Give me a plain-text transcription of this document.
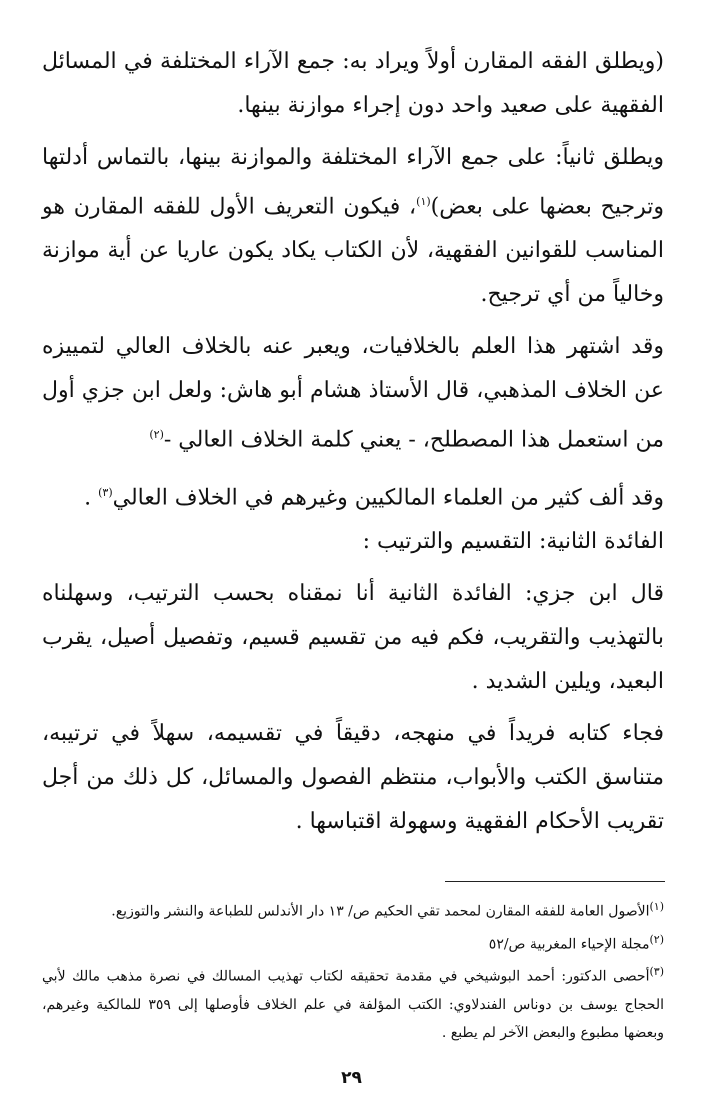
(ويطلق الفقه المقارن أولاً ويراد به: جمع الآراء المختلفة في المسائل الفقهية على صعيد واحد دون إجراء موازنة بينها.

ويطلق ثانياً: على جمع الآراء المختلفة والموازنة بينها، بالتماس أدلتها وترجيح بعضها على بعض)$^{(١)}$، فيكون التعريف الأول للفقه المقارن هو المناسب للقوانين الفقهية، لأن الكتاب يكاد يكون عاريا عن أية موازنة وخالياً من أي ترجيح.

وقد اشتهر هذا العلم بالخلافيات، ويعبر عنه بالخلاف العالي لتمييزه عن الخلاف المذهبي، قال الأستاذ هشام أبو هاش: ولعل ابن جزي أول من استعمل هذا المصطلح، - يعني كلمة الخلاف العالي -$^{(٢)}$

وقد ألف كثير من العلماء المالكيين وغيرهم في الخلاف العالي$^{(٣)}$ .

الفائدة الثانية: التقسيم والترتيب :

قال ابن جزي: الفائدة الثانية أنا نمقناه بحسب الترتيب، وسهلناه بالتهذيب والتقريب، فكم فيه من تقسيم قسيم، وتفصيل أصيل، يقرب البعيد، ويلين الشديد .

فجاء كتابه فريداً في منهجه، دقيقاً في تقسيمه، سهلاً في ترتيبه، متناسق الكتب والأبواب، منتظم الفصول والمسائل، كل ذلك من أجل تقريب الأحكام الفقهية وسهولة اقتباسها .

$^{(١)}$الأصول العامة للفقه المقارن لمحمد تقي الحكيم ص/ ١٣ دار الأندلس للطباعة والنشر والتوزيع.

$^{(٢)}$مجلة الإحياء المغربية ص/٥٢

$^{(٣)}$أحصى الدكتور: أحمد البوشيخي في مقدمة تحقيقه لكتاب تهذيب المسالك في نصرة مذهب مالك لأبي الحجاج يوسف بن دوناس الفندلاوي: الكتب المؤلفة في علم الخلاف فأوصلها إلى ٣٥٩ للمالكية وغيرهم، وبعضها مطبوع والبعض الآخر لم يطبع .

٢٩
